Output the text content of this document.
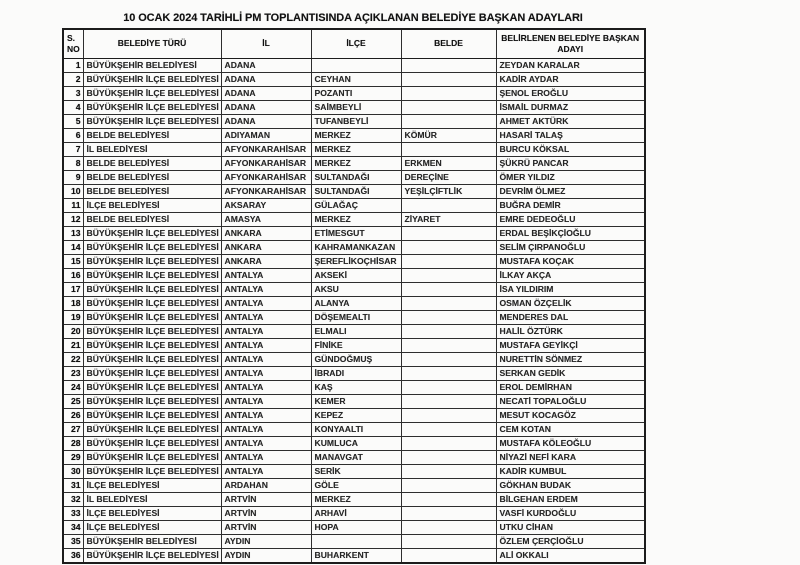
10 OCAK 2024 TARİHLİ PM TOPLANTISINDA AÇIKLANAN BELEDİYE BAŞKAN ADAYLARI
S.
NO	BELEDİYE TÜRÜ	İL	İLÇE	BELDE	BELİRLENEN BELEDİYE BAŞKAN ADAYI
1	BÜYÜKŞEHİR BELEDİYESİ	ADANA			ZEYDAN KARALAR
2	BÜYÜKŞEHİR İLÇE BELEDİYESİ	ADANA	CEYHAN		KADİR AYDAR
3	BÜYÜKŞEHİR İLÇE BELEDİYESİ	ADANA	POZANTI		ŞENOL EROĞLU
4	BÜYÜKŞEHİR İLÇE BELEDİYESİ	ADANA	SAİMBEYLİ		İSMAİL DURMAZ
5	BÜYÜKŞEHİR İLÇE BELEDİYESİ	ADANA	TUFANBEYLİ		AHMET AKTÜRK
6	BELDE BELEDİYESİ	ADIYAMAN	MERKEZ	KÖMÜR	HASARİ TALAŞ
7	İL BELEDİYESİ	AFYONKARAHİSAR	MERKEZ		BURCU KÖKSAL
8	BELDE BELEDİYESİ	AFYONKARAHİSAR	MERKEZ	ERKMEN	ŞÜKRÜ PANCAR
9	BELDE BELEDİYESİ	AFYONKARAHİSAR	SULTANDAĞI	DEREÇİNE	ÖMER YILDIZ
10	BELDE BELEDİYESİ	AFYONKARAHİSAR	SULTANDAĞI	YEŞİLÇİFTLİK	DEVRİM ÖLMEZ
11	İLÇE BELEDİYESİ	AKSARAY	GÜLAĞAÇ		BUĞRA DEMİR
12	BELDE BELEDİYESİ	AMASYA	MERKEZ	ZİYARET	EMRE DEDEOĞLU
13	BÜYÜKŞEHİR İLÇE BELEDİYESİ	ANKARA	ETİMESGUT		ERDAL BEŞİKÇİOĞLU
14	BÜYÜKŞEHİR İLÇE BELEDİYESİ	ANKARA	KAHRAMANKAZAN		SELİM ÇIRPANOĞLU
15	BÜYÜKŞEHİR İLÇE BELEDİYESİ	ANKARA	ŞEREFLİKOÇHİSAR		MUSTAFA KOÇAK
16	BÜYÜKŞEHİR İLÇE BELEDİYESİ	ANTALYA	AKSEKİ		İLKAY AKÇA
17	BÜYÜKŞEHİR İLÇE BELEDİYESİ	ANTALYA	AKSU		İSA YILDIRIM
18	BÜYÜKŞEHİR İLÇE BELEDİYESİ	ANTALYA	ALANYA		OSMAN ÖZÇELİK
19	BÜYÜKŞEHİR İLÇE BELEDİYESİ	ANTALYA	DÖŞEMEALTI		MENDERES DAL
20	BÜYÜKŞEHİR İLÇE BELEDİYESİ	ANTALYA	ELMALI		HALİL ÖZTÜRK
21	BÜYÜKŞEHİR İLÇE BELEDİYESİ	ANTALYA	FİNİKE		MUSTAFA GEYİKÇİ
22	BÜYÜKŞEHİR İLÇE BELEDİYESİ	ANTALYA	GÜNDOĞMUŞ		NURETTİN SÖNMEZ
23	BÜYÜKŞEHİR İLÇE BELEDİYESİ	ANTALYA	İBRADI		SERKAN GEDİK
24	BÜYÜKŞEHİR İLÇE BELEDİYESİ	ANTALYA	KAŞ		EROL DEMİRHAN
25	BÜYÜKŞEHİR İLÇE BELEDİYESİ	ANTALYA	KEMER		NECATİ TOPALOĞLU
26	BÜYÜKŞEHİR İLÇE BELEDİYESİ	ANTALYA	KEPEZ		MESUT KOCAGÖZ
27	BÜYÜKŞEHİR İLÇE BELEDİYESİ	ANTALYA	KONYAALTI		CEM KOTAN
28	BÜYÜKŞEHİR İLÇE BELEDİYESİ	ANTALYA	KUMLUCA		MUSTAFA KÖLEOĞLU
29	BÜYÜKŞEHİR İLÇE BELEDİYESİ	ANTALYA	MANAVGAT		NİYAZİ NEFİ KARA
30	BÜYÜKŞEHİR İLÇE BELEDİYESİ	ANTALYA	SERİK		KADİR KUMBUL
31	İLÇE BELEDİYESİ	ARDAHAN	GÖLE		GÖKHAN BUDAK
32	İL BELEDİYESİ	ARTVİN	MERKEZ		BİLGEHAN ERDEM
33	İLÇE BELEDİYESİ	ARTVİN	ARHAVİ		VASFİ KURDOĞLU
34	İLÇE BELEDİYESİ	ARTVİN	HOPA		UTKU CİHAN
35	BÜYÜKŞEHİR BELEDİYESİ	AYDIN			ÖZLEM ÇERÇİOĞLU
36	BÜYÜKŞEHİR İLÇE BELEDİYESİ	AYDIN	BUHARKENT		ALİ OKKALI
